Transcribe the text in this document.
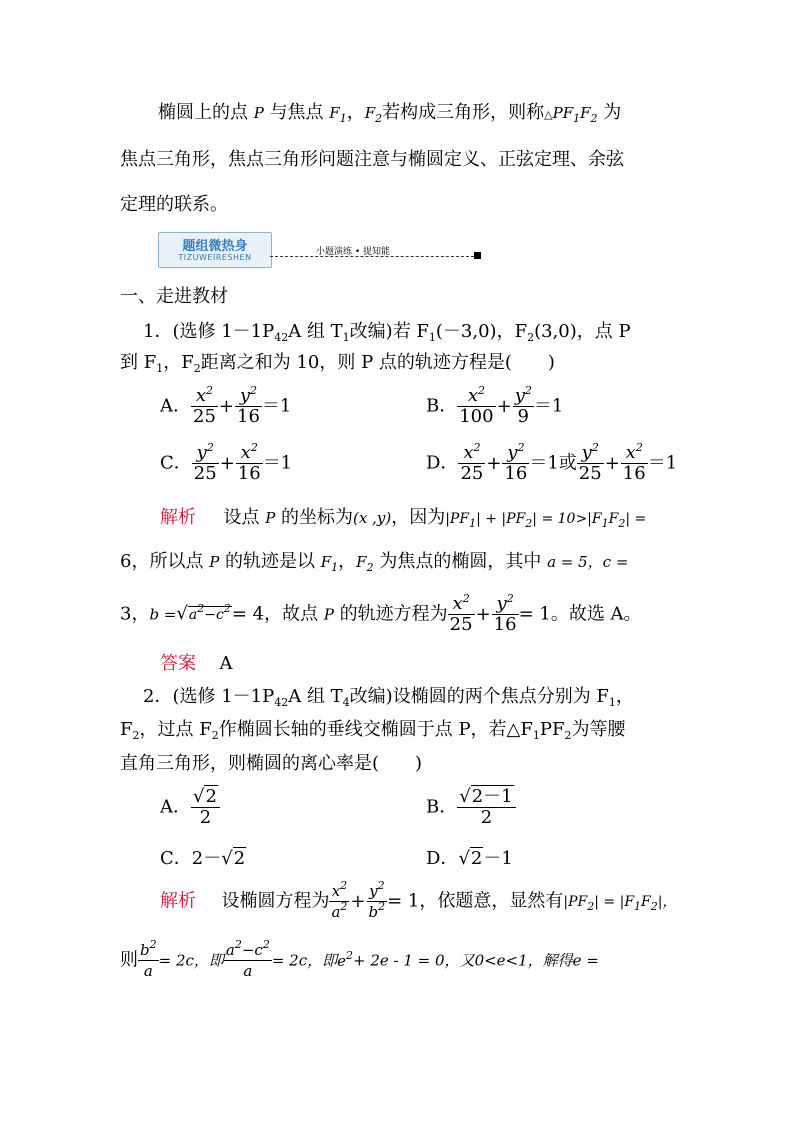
椭圆上的点 P 与焦点 $F_1$，$F_2$若构成三角形，则称$\triangle PF_1F_2$ 为
焦点三角形，焦点三角形问题注意与椭圆定义、正弦定理、余弦
定理的联系。
题组微热身
TIZUWEIRESHEN
小题演练 • 提知能
一、走进教材
1．(选修 $1-1P_{42}A$ 组 $T_1$改编)若 $F_1(-3,0)$，$F_2(3,0)$，点 P
到 $F_1$，$F_2$距离之和为 10，则 P 点的轨迹方程是(　　)
A． $\frac{x^2}{25} + \frac{y^2}{16} =1$	B． $\frac{x^2}{100} + \frac{y^2}{9} =1$
C． $\frac{y^2}{25} + \frac{x^2}{16} =1$	D． $\frac{x^2}{25} + \frac{y^2}{16} =1$或 $\frac{y^2}{25} + \frac{x^2}{16} =1$
解析 设点 P 的坐标为(x ,y)，因为$|PF_1| + |PF_2| = 10>|F_1F_2|$ =
6，所以点 P 的轨迹是以 $F_1$，$F_2$ 为焦点的椭圆，其中 a = 5，c =
3，$b =√a^2-c^2= 4$，故点 P 的轨迹方程为 $\frac{x^2}{25} + \frac{y^2}{16} = 1$。故选 A。
答案 A
2．(选修 $1-1P_{42}A$ 组 $T_4$改编)设椭圆的两个焦点分别为 $F_1$，
$F_2$，过点 $F_2$作椭圆长轴的垂线交椭圆于点 P，若$\triangle F_1PF_2$为等腰
直角三角形，则椭圆的离心率是(　　)
A． $\frac{√2}{2}$	B． $\frac{√2-1}{2}$
C．2－√2	D．√2－1
解析 设椭圆方程为 $\frac{x^2}{a^2} + \frac{y^2}{b^2} = 1$，依题意，显然有$|PF_2| = |F_1F_2|$，
则 $\frac{b^2}{a} = 2c$，即 $\frac{a^2-c^2}{a} = 2c$，即$e^2+ 2e - 1 = 0$，又0<e<1，解得e =
